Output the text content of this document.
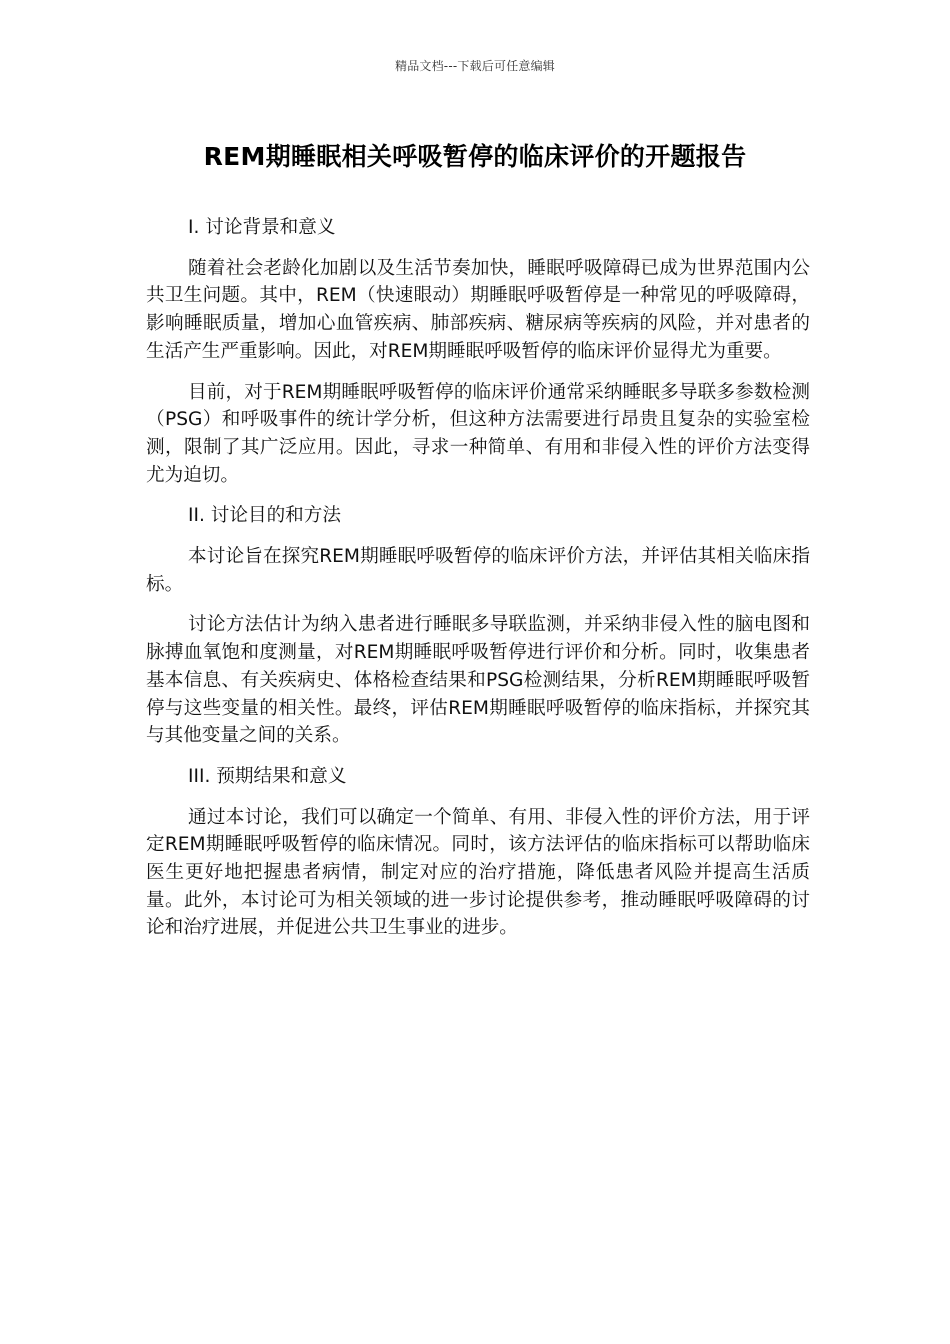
精品文档---下载后可任意编辑
REM期睡眠相关呼吸暂停的临床评价的开题报告

I. 讨论背景和意义

随着社会老龄化加剧以及生活节奏加快，睡眠呼吸障碍已成为世界范围内公共卫生问题。其中，REM（快速眼动）期睡眠呼吸暂停是一种常见的呼吸障碍，影响睡眠质量，增加心血管疾病、肺部疾病、糖尿病等疾病的风险，并对患者的生活产生严重影响。因此，对REM期睡眠呼吸暂停的临床评价显得尤为重要。

目前，对于REM期睡眠呼吸暂停的临床评价通常采纳睡眠多导联多参数检测（PSG）和呼吸事件的统计学分析，但这种方法需要进行昂贵且复杂的实验室检测，限制了其广泛应用。因此，寻求一种简单、有用和非侵入性的评价方法变得尤为迫切。

II. 讨论目的和方法

本讨论旨在探究REM期睡眠呼吸暂停的临床评价方法，并评估其相关临床指标。

讨论方法估计为纳入患者进行睡眠多导联监测，并采纳非侵入性的脑电图和脉搏血氧饱和度测量，对REM期睡眠呼吸暂停进行评价和分析。同时，收集患者基本信息、有关疾病史、体格检查结果和PSG检测结果，分析REM期睡眠呼吸暂停与这些变量的相关性。最终，评估REM期睡眠呼吸暂停的临床指标，并探究其与其他变量之间的关系。

III. 预期结果和意义

通过本讨论，我们可以确定一个简单、有用、非侵入性的评价方法，用于评定REM期睡眠呼吸暂停的临床情况。同时，该方法评估的临床指标可以帮助临床医生更好地把握患者病情，制定对应的治疗措施，降低患者风险并提高生活质量。此外，本讨论可为相关领域的进一步讨论提供参考，推动睡眠呼吸障碍的讨论和治疗进展，并促进公共卫生事业的进步。
